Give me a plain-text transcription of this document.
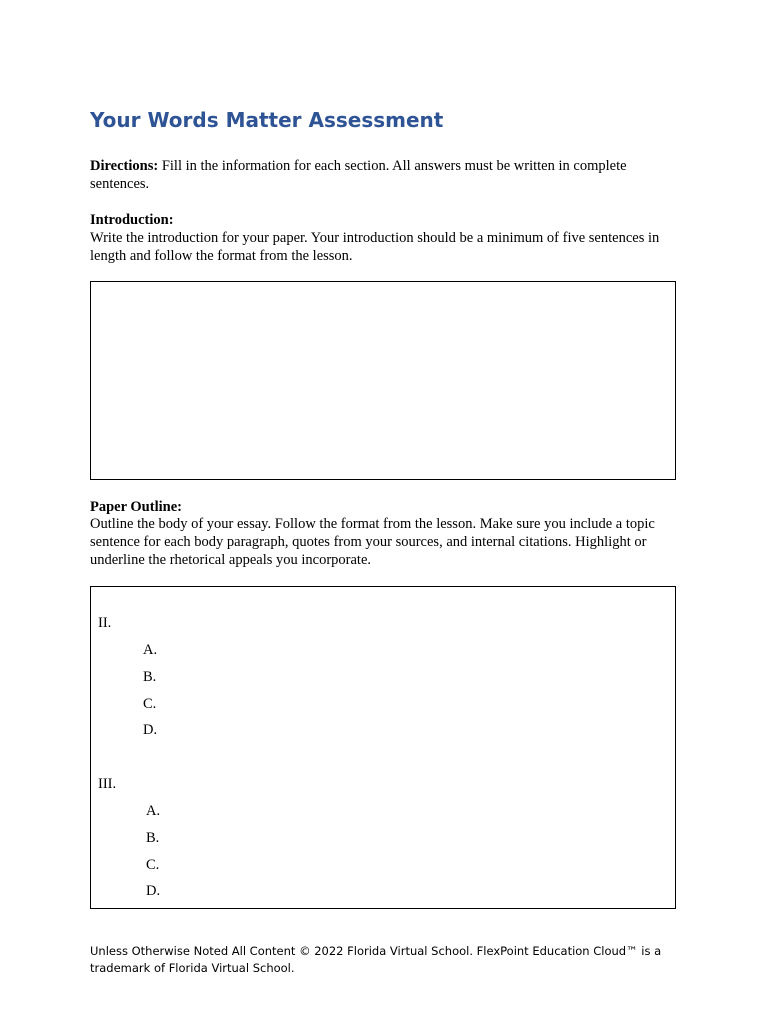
Your Words Matter Assessment

Directions: Fill in the information for each section. All answers must be written in complete sentences.

Introduction:

Write the introduction for your paper. Your introduction should be a minimum of five sentences in length and follow the format from the lesson.

Paper Outline:

Outline the body of your essay. Follow the format from the lesson. Make sure you include a topic sentence for each body paragraph, quotes from your sources, and internal citations. Highlight or underline the rhetorical appeals you incorporate.

II.
A.
B.
C.
D.
III.
A.
B.
C.
D.

Unless Otherwise Noted All Content © 2022 Florida Virtual School. FlexPoint Education Cloud™ is a trademark of Florida Virtual School.
